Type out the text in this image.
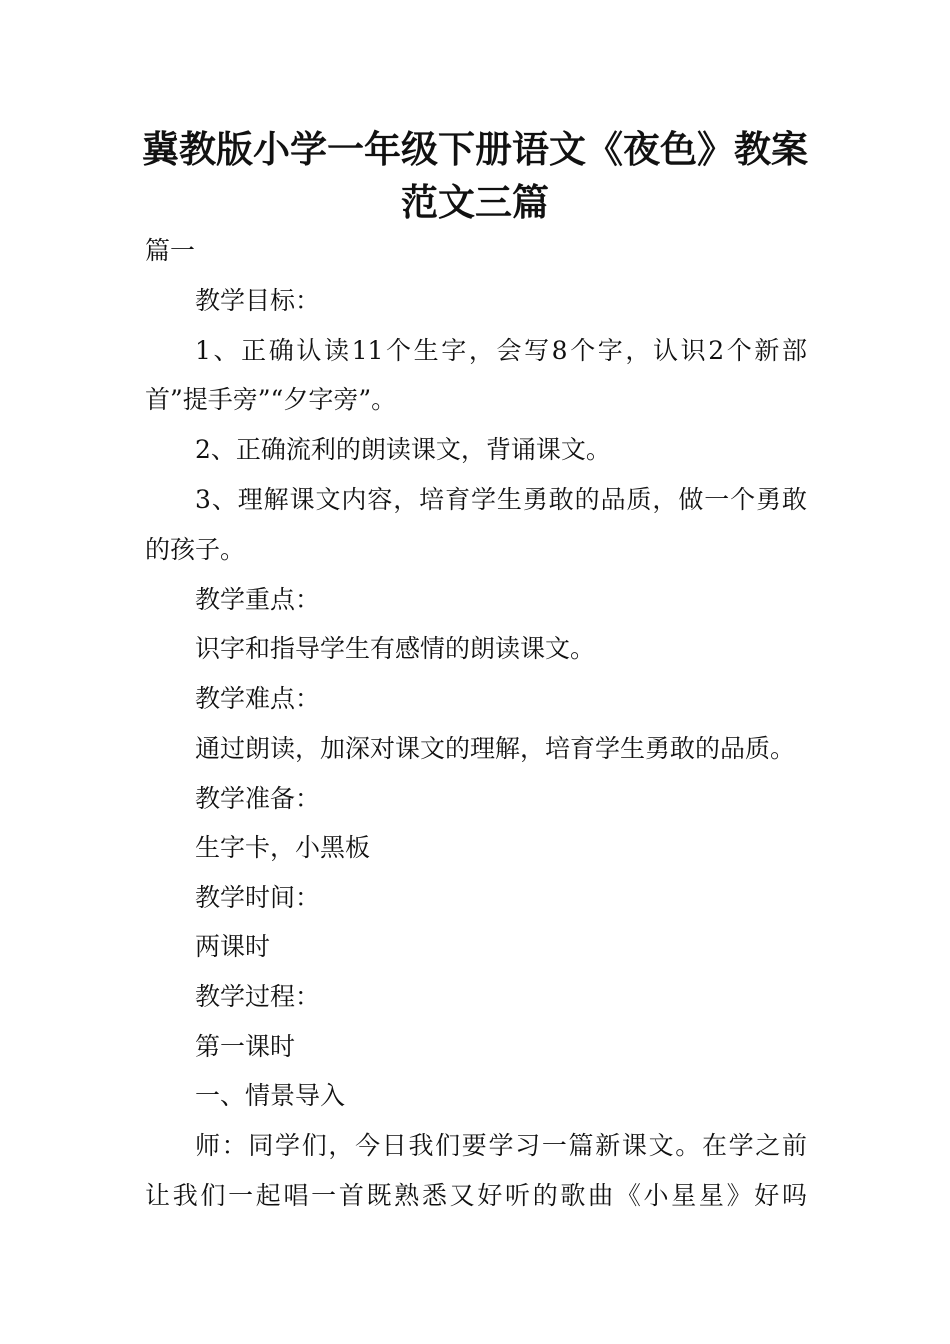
冀教版小学一年级下册语文《夜色》教案
范文三篇
篇一
教学目标：
1、正确认读11个生字，会写8个字，认识2个新部
首”提手旁”“夕字旁”。
2、正确流利的朗读课文，背诵课文。
3、理解课文内容，培育学生勇敢的品质，做一个勇敢
的孩子。
教学重点：
识字和指导学生有感情的朗读课文。
教学难点：
通过朗读，加深对课文的理解，培育学生勇敢的品质。
教学准备：
生字卡，小黑板
教学时间：
两课时
教学过程：
第一课时
一、情景导入
师：同学们，今日我们要学习一篇新课文。在学之前
让我们一起唱一首既熟悉又好听的歌曲《小星星》好吗
